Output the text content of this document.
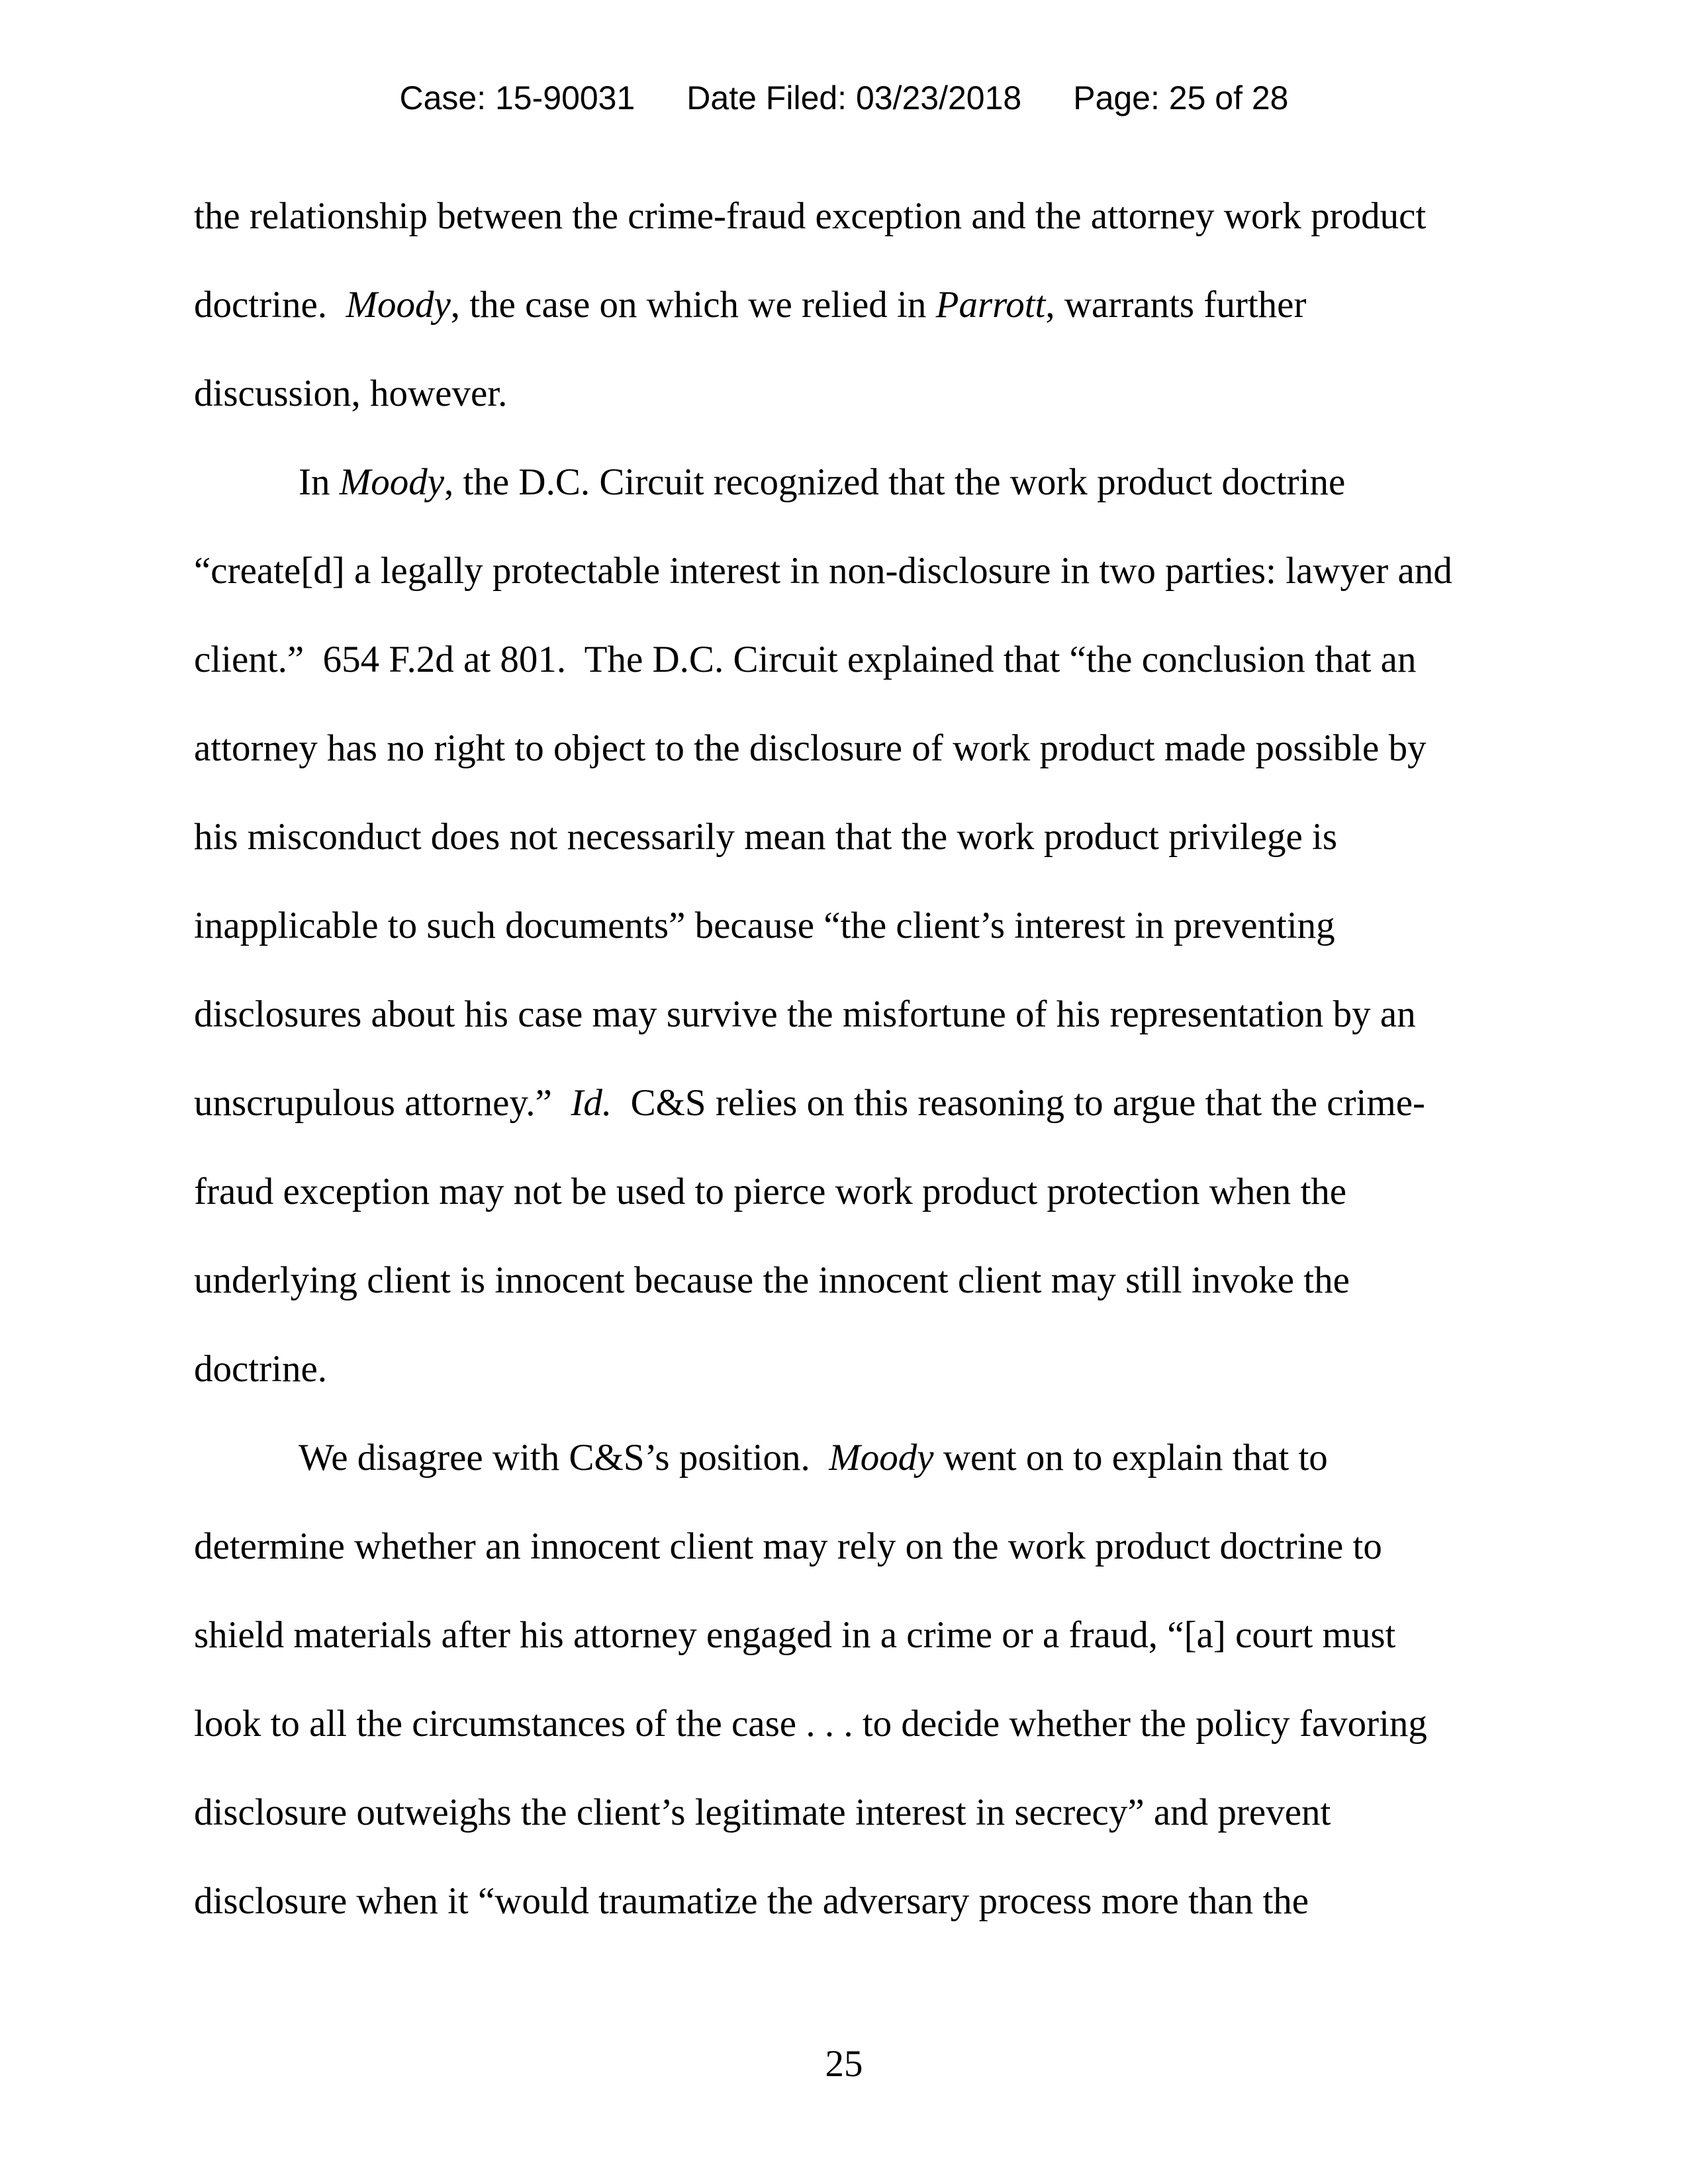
Case: 15-90031 Date Filed: 03/23/2018 Page: 25 of 28
the relationship between the crime-fraud exception and the attorney work product
doctrine.  Moody, the case on which we relied in Parrott, warrants further
discussion, however.
In Moody, the D.C. Circuit recognized that the work product doctrine
“create[d] a legally protectable interest in non-disclosure in two parties: lawyer and
client.”  654 F.2d at 801.  The D.C. Circuit explained that “the conclusion that an
attorney has no right to object to the disclosure of work product made possible by
his misconduct does not necessarily mean that the work product privilege is
inapplicable to such documents” because “the client’s interest in preventing
disclosures about his case may survive the misfortune of his representation by an
unscrupulous attorney.”  Id.  C&S relies on this reasoning to argue that the crime-
fraud exception may not be used to pierce work product protection when the
underlying client is innocent because the innocent client may still invoke the
doctrine.
We disagree with C&S’s position.  Moody went on to explain that to
determine whether an innocent client may rely on the work product doctrine to
shield materials after his attorney engaged in a crime or a fraud, “[a] court must
look to all the circumstances of the case . . . to decide whether the policy favoring
disclosure outweighs the client’s legitimate interest in secrecy” and prevent
disclosure when it “would traumatize the adversary process more than the
25
